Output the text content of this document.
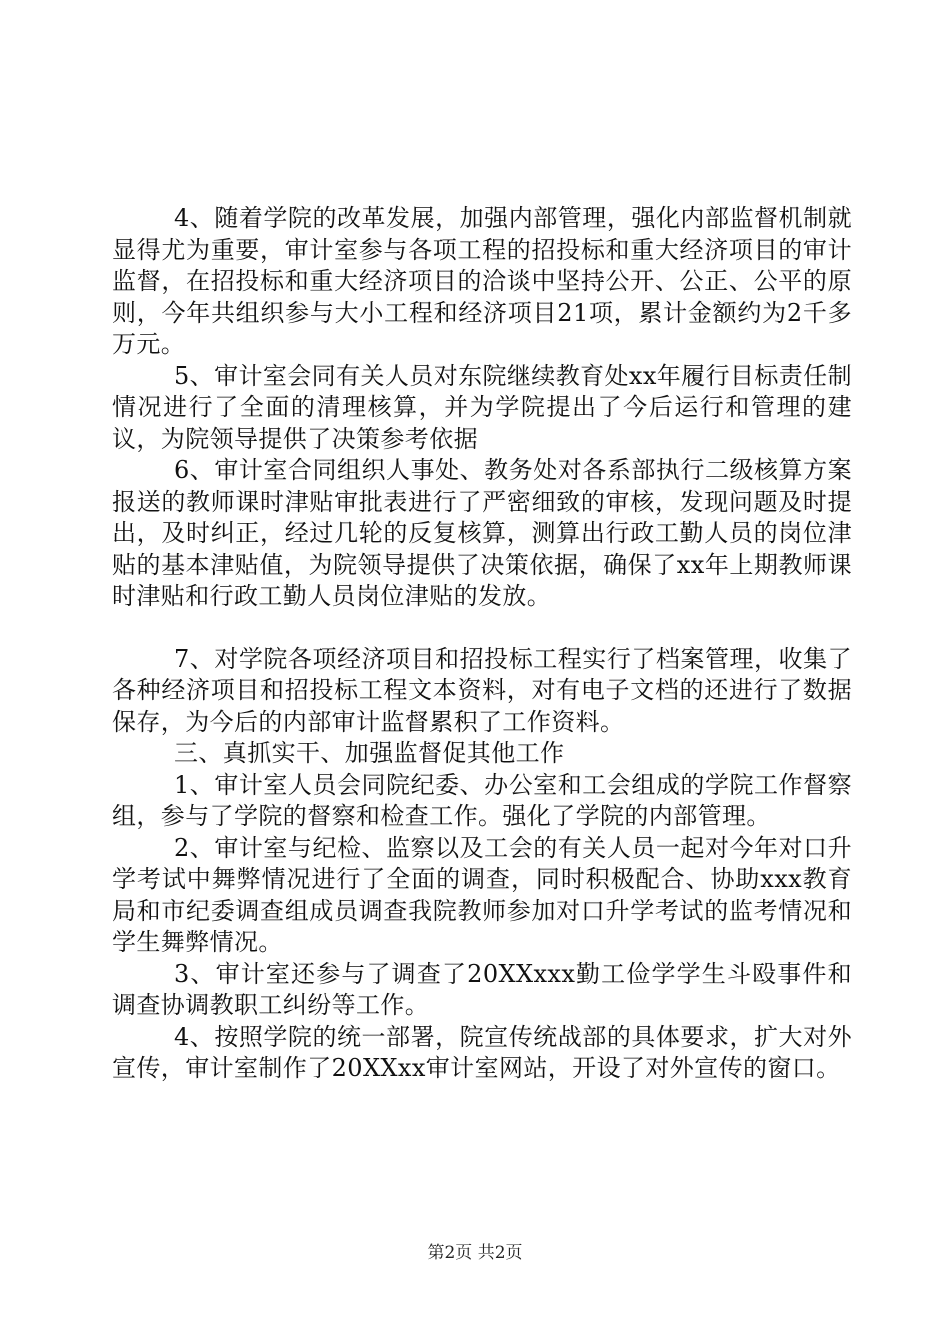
4、随着学院的改革发展，加强内部管理，强化内部监督机制就显得尤为重要，审计室参与各项工程的招投标和重大经济项目的审计监督，在招投标和重大经济项目的洽谈中坚持公开、公正、公平的原则，今年共组织参与大小工程和经济项目21项，累计金额约为2千多万元。

5、审计室会同有关人员对东院继续教育处xx年履行目标责任制情况进行了全面的清理核算，并为学院提出了今后运行和管理的建议，为院领导提供了决策参考依据

6、审计室合同组织人事处、教务处对各系部执行二级核算方案报送的教师课时津贴审批表进行了严密细致的审核，发现问题及时提出，及时纠正，经过几轮的反复核算，测算出行政工勤人员的岗位津贴的基本津贴值，为院领导提供了决策依据，确保了xx年上期教师课时津贴和行政工勤人员岗位津贴的发放。

7、对学院各项经济项目和招投标工程实行了档案管理，收集了各种经济项目和招投标工程文本资料，对有电子文档的还进行了数据保存，为今后的内部审计监督累积了工作资料。

三、真抓实干、加强监督促其他工作

1、审计室人员会同院纪委、办公室和工会组成的学院工作督察组，参与了学院的督察和检查工作。强化了学院的内部管理。

2、审计室与纪检、监察以及工会的有关人员一起对今年对口升学考试中舞弊情况进行了全面的调查，同时积极配合、协助xxx教育局和市纪委调查组成员调查我院教师参加对口升学考试的监考情况和学生舞弊情况。

3、审计室还参与了调查了20XXxxx勤工俭学学生斗殴事件和调查协调教职工纠纷等工作。

4、按照学院的统一部署，院宣传统战部的具体要求，扩大对外宣传，审计室制作了20XXxx审计室网站，开设了对外宣传的窗口。

第2页 共2页
